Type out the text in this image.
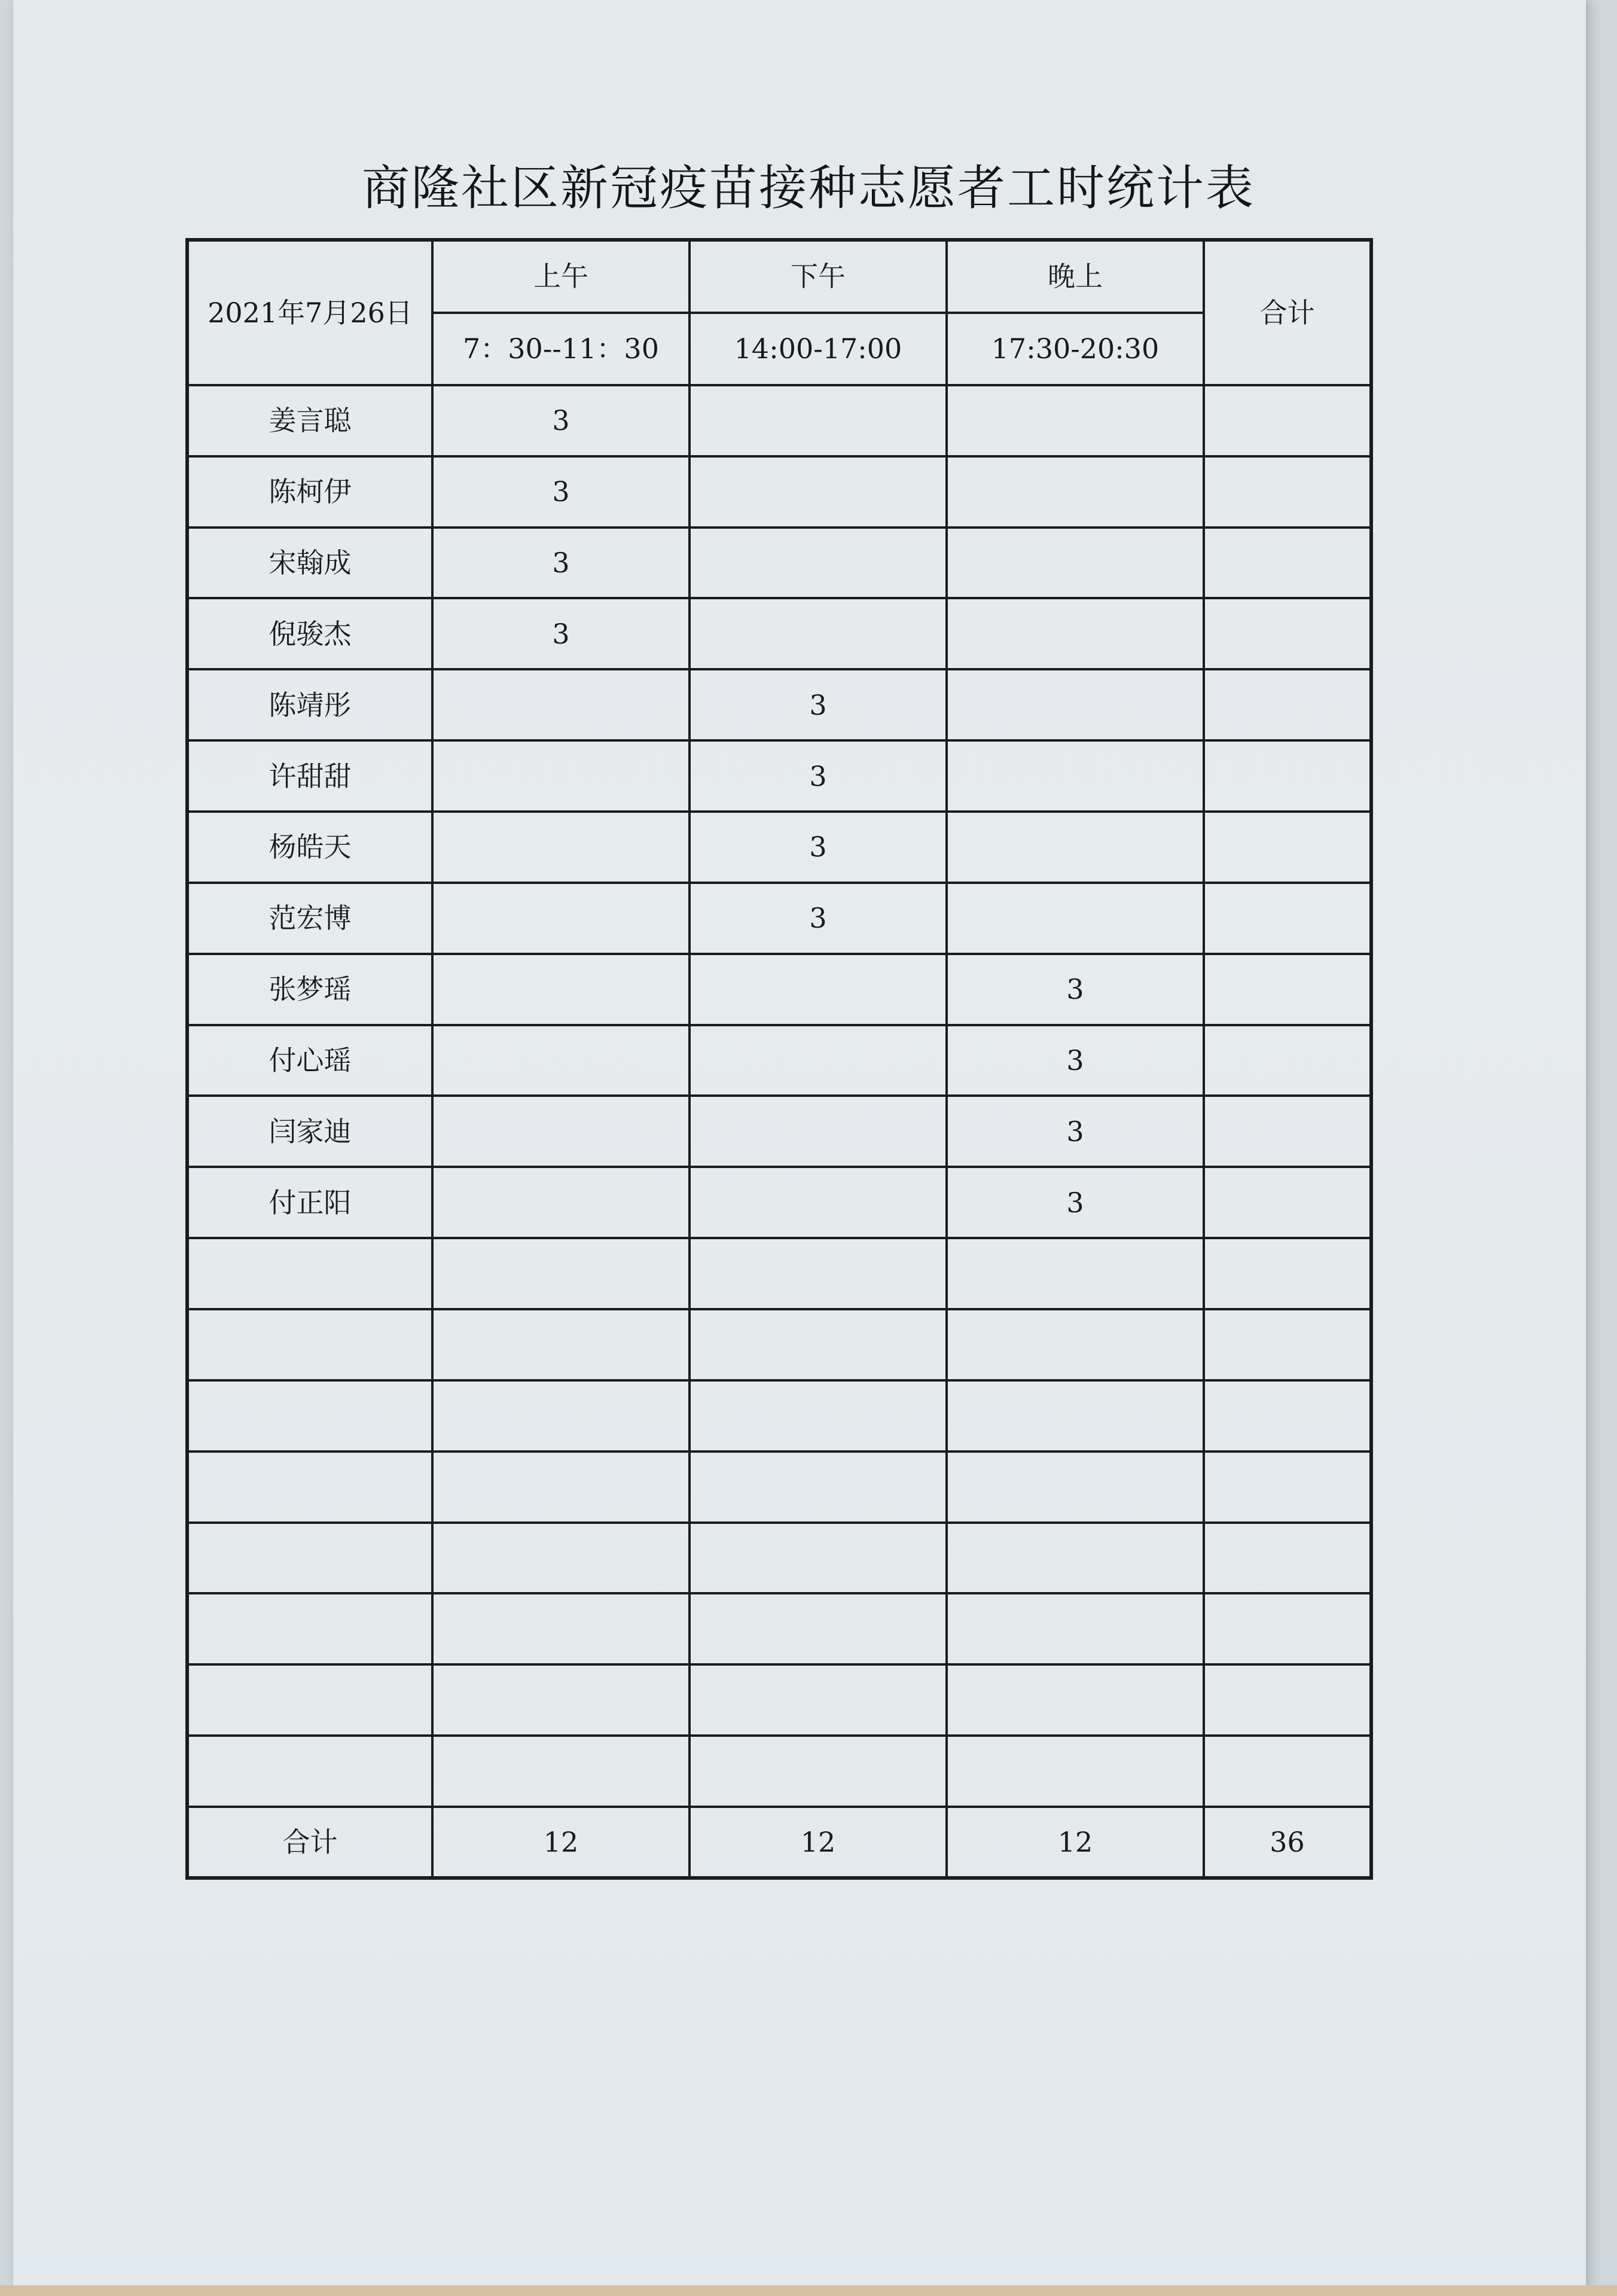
商隆社区新冠疫苗接种志愿者工时统计表
2021年7月26日	上午	下午	晚上	合计
	7：30--11：30	14:00-17:00	17:30-20:30	
姜言聪	3			
陈柯伊	3			
宋翰成	3			
倪骏杰	3			
陈靖彤		3		
许甜甜		3		
杨皓天		3		
范宏博		3		
张梦瑶			3	
付心瑶			3	
闫家迪			3	
付正阳			3	

合计	12	12	12	36
